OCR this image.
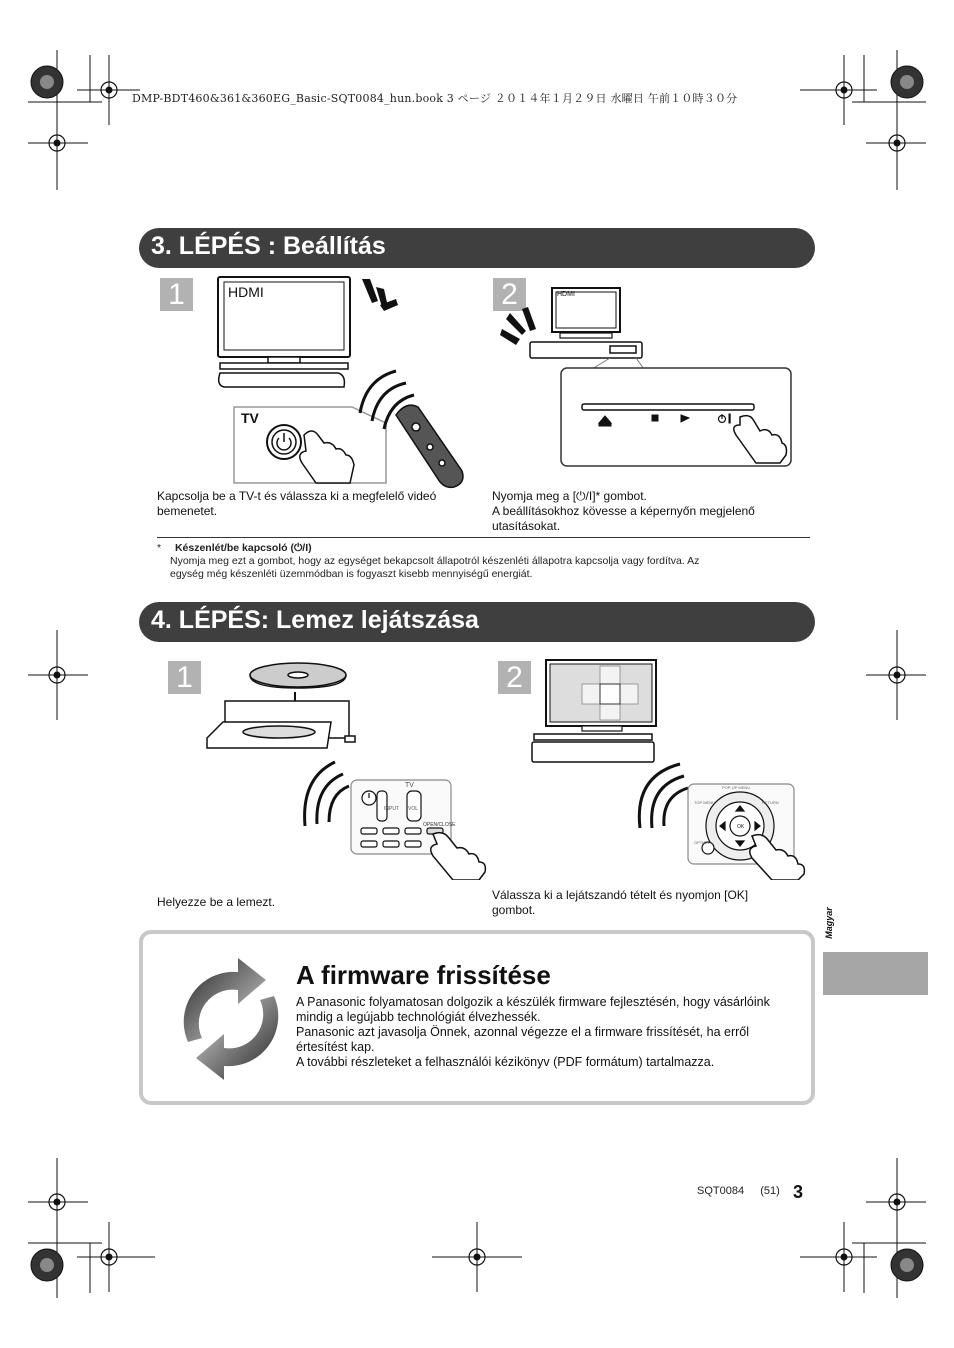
DMP-BDT460&361&360EG_Basic-SQT0084_hun.book 3 ページ ２０１４年１月２９日 水曜日 午前１０時３０分
3. LÉPÉS : Beállítás
1	2
HDMI
TV
HDMI
Kapcsolja be a TV-t és válassza ki a megfelelő videó
bemenetet.
Nyomja meg a [⏻/I]* gombot.
A beállításokhoz kövesse a képernyőn megjelenő
utasításokat.
* Készenlét/be kapcsoló (⏻/I)
Nyomja meg ezt a gombot, hogy az egységet bekapcsolt állapotról készenléti állapotra kapcsolja vagy fordítva. Az
egység még készenléti üzemmódban is fogyaszt kisebb mennyiségű energiát.
4. LÉPÉS: Lemez lejátszása
1	2
TV
INPUT VOL
OPEN/CLOSE	OK
POP-UP MENU
TOP MENU	RETURN
OPTION
Helyezze be a lemezt.	Válassza ki a lejátszandó tételt és nyomjon [OK]
gombot.
A firmware frissítése
A Panasonic folyamatosan dolgozik a készülék firmware fejlesztésén, hogy vásárlóink
mindig a legújabb technológiát élvezhessék.
Panasonic azt javasolja Önnek, azonnal végezze el a firmware frissítését, ha erről
értesítést kap.
A további részleteket a felhasználói kézikönyv (PDF formátum) tartalmazza.
Magyar
SQT0084 (51) 3
